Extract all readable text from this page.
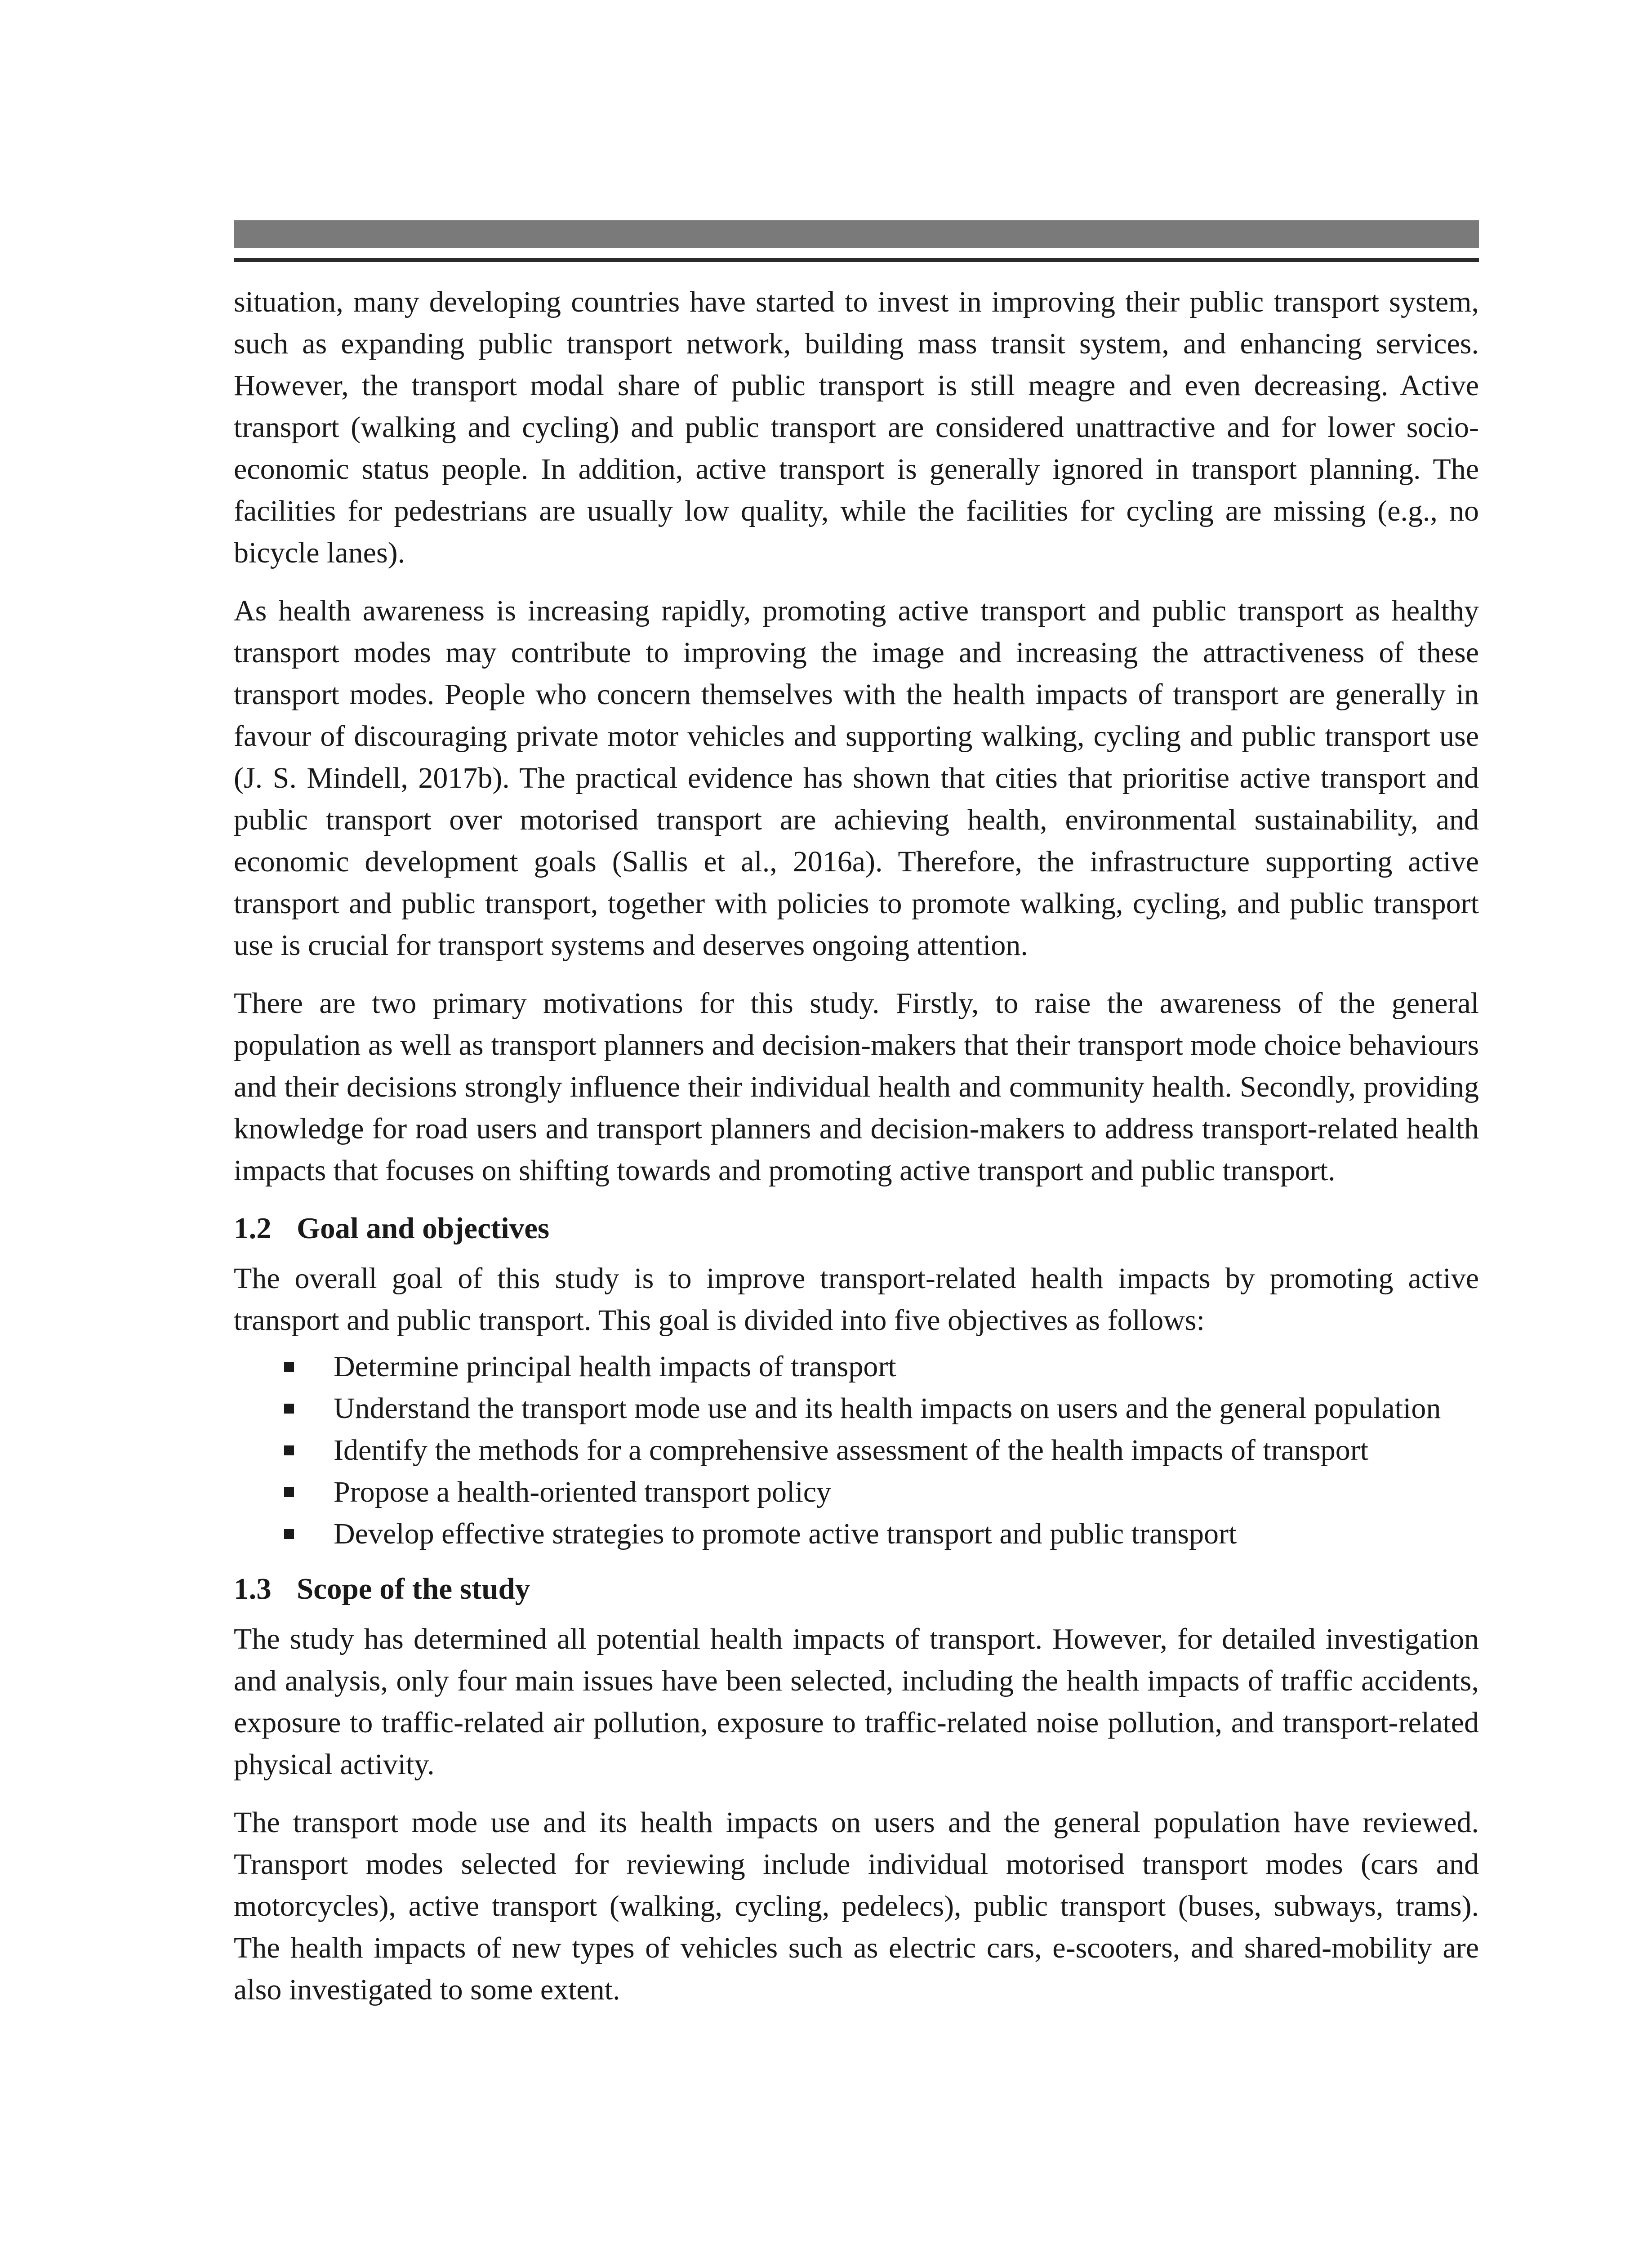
situation, many developing countries have started to invest in improving their public transport system, such as expanding public transport network, building mass transit system, and enhancing services. However, the transport modal share of public transport is still meagre and even decreasing. Active transport (walking and cycling) and public transport are considered unattractive and for lower socio-economic status people. In addition, active transport is generally ignored in transport planning. The facilities for pedestrians are usually low quality, while the facilities for cycling are missing (e.g., no bicycle lanes).

As health awareness is increasing rapidly, promoting active transport and public transport as healthy transport modes may contribute to improving the image and increasing the attractiveness of these transport modes. People who concern themselves with the health impacts of transport are generally in favour of discouraging private motor vehicles and supporting walking, cycling and public transport use (J. S. Mindell, 2017b). The practical evidence has shown that cities that prioritise active transport and public transport over motorised transport are achieving health, environmental sustainability, and economic development goals (Sallis et al., 2016a). Therefore, the infrastructure supporting active transport and public transport, together with policies to promote walking, cycling, and public transport use is crucial for transport systems and deserves ongoing attention.

There are two primary motivations for this study. Firstly, to raise the awareness of the general population as well as transport planners and decision-makers that their transport mode choice behaviours and their decisions strongly influence their individual health and community health. Secondly, providing knowledge for road users and transport planners and decision-makers to address transport-related health impacts that focuses on shifting towards and promoting active transport and public transport.

1.2 Goal and objectives

The overall goal of this study is to improve transport-related health impacts by promoting active transport and public transport. This goal is divided into five objectives as follows:

Determine principal health impacts of transport
Understand the transport mode use and its health impacts on users and the general population
Identify the methods for a comprehensive assessment of the health impacts of transport
Propose a health-oriented transport policy
Develop effective strategies to promote active transport and public transport
1.3 Scope of the study

The study has determined all potential health impacts of transport. However, for detailed investigation and analysis, only four main issues have been selected, including the health impacts of traffic accidents, exposure to traffic-related air pollution, exposure to traffic-related noise pollution, and transport-related physical activity.

The transport mode use and its health impacts on users and the general population have reviewed. Transport modes selected for reviewing include individual motorised transport modes (cars and motorcycles), active transport (walking, cycling, pedelecs), public transport (buses, subways, trams). The health impacts of new types of vehicles such as electric cars, e-scooters, and shared-mobility are also investigated to some extent.
